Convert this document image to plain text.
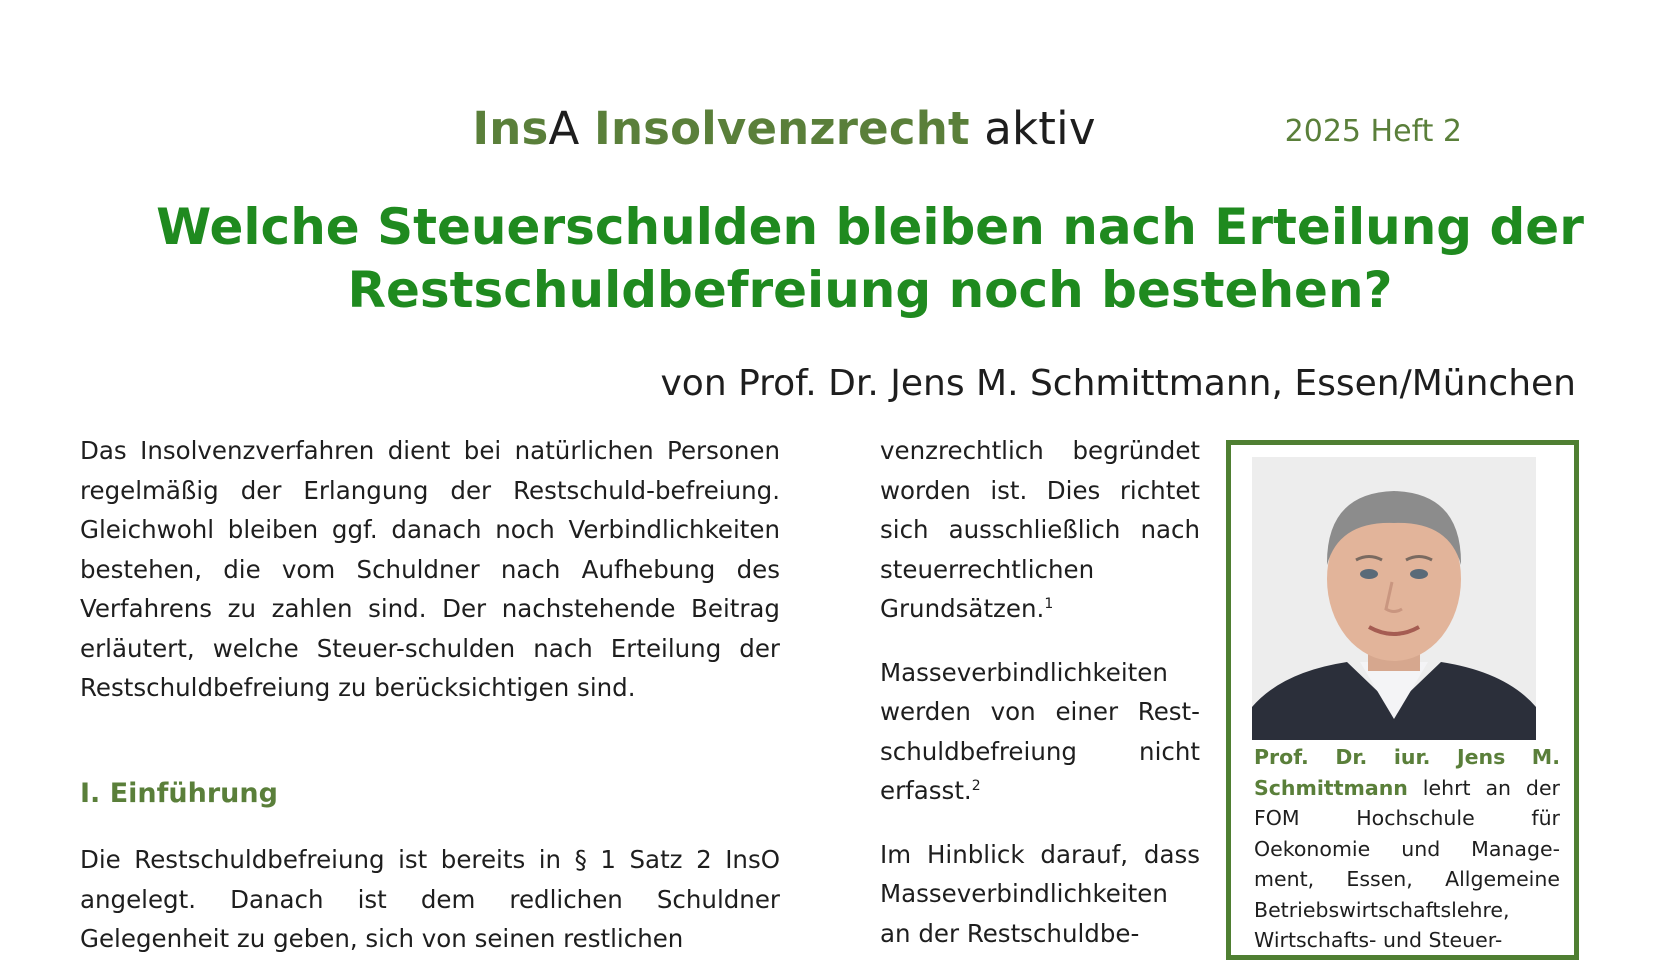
InsA Insolvenzrecht aktiv	2025 Heft 2
Welche Steuerschulden bleiben nach Erteilung der
Restschuldbefreiung noch bestehen?
von Prof. Dr. Jens M. Schmittmann, Essen/München

Das Insolvenzverfahren dient bei natürlichen Personen regelmäßig der Erlangung der Restschuld-befreiung. Gleichwohl bleiben ggf. danach noch Verbindlichkeiten bestehen, die vom Schuldner nach Aufhebung des Verfahrens zu zahlen sind. Der nachstehende Beitrag erläutert, welche Steuer-schulden nach Erteilung der Restschuldbefreiung zu berücksichtigen sind.

I. Einführung
Die Restschuldbefreiung ist bereits in § 1 Satz 2 InsO angelegt. Danach ist dem redlichen Schuldner Gelegenheit zu geben, sich von seinen restlichen

venzrechtlich begründet worden ist. Dies richtet sich ausschließlich nach steuerrechtlichen Grundsätzen.$^1$

Masseverbindlichkeiten werden von einer Rest-schuldbefreiung nicht erfasst.$^2$

Im Hinblick darauf, dass Masseverbindlichkeiten an der Restschuldbe-

Prof. Dr. iur. Jens M. Schmittmann lehrt an der FOM Hochschule für Oekonomie und Manage-ment, Essen, Allgemeine Betriebswirtschaftslehre, Wirtschafts- und Steuer-
